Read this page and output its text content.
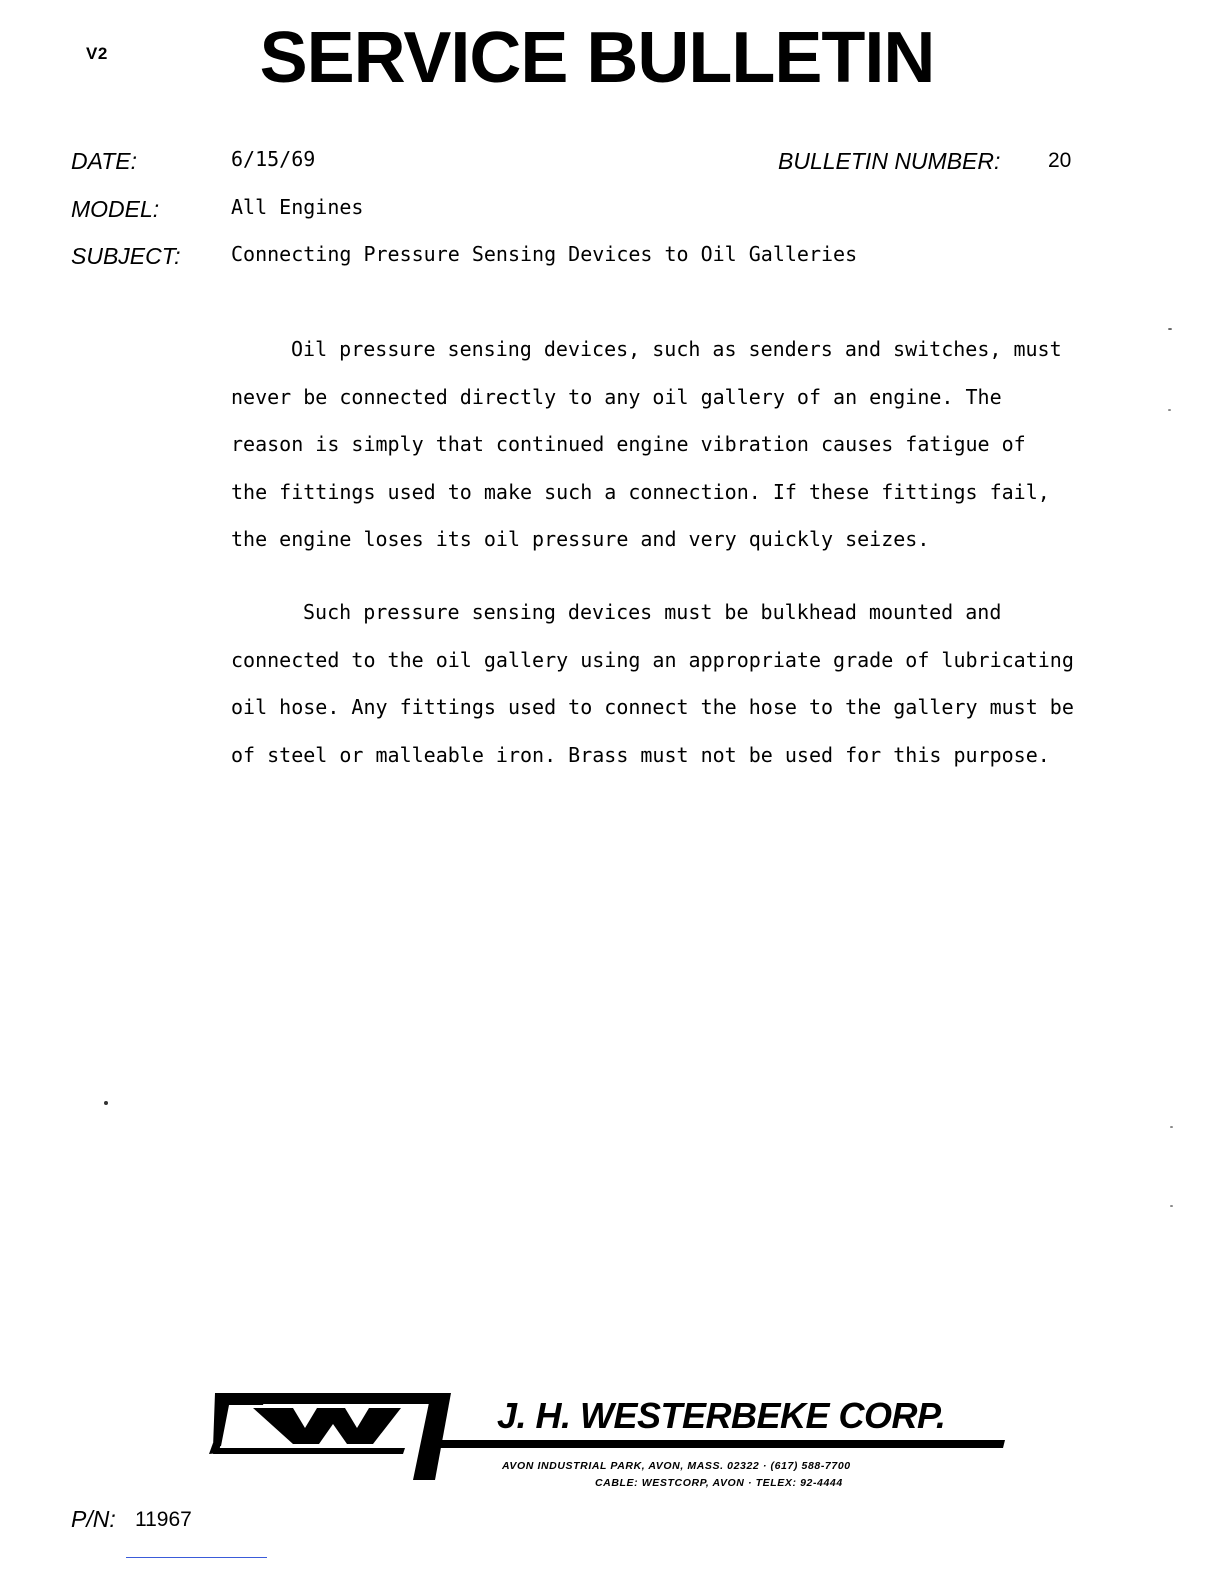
V2	SERVICE BULLETIN
DATE:	6/15/69	BULLETIN NUMBER: 20
MODEL:	All Engines
SUBJECT:	Connecting Pressure Sensing Devices to Oil Galleries

Oil pressure sensing devices, such as senders and switches, must never be connected directly to any oil gallery of an engine. The reason is simply that continued engine vibration causes fatigue of the fittings used to make such a connection. If these fittings fail, the engine loses its oil pressure and very quickly seizes.

Such pressure sensing devices must be bulkhead mounted and connected to the oil gallery using an appropriate grade of lubricating oil hose. Any fittings used to connect the hose to the gallery must be of steel or malleable iron. Brass must not be used for this purpose.

J. H. WESTERBEKE CORP.
AVON INDUSTRIAL PARK, AVON, MASS. 02322 · (617) 588-7700
CABLE: WESTCORP, AVON · TELEX: 92-4444
P/N: 11967
